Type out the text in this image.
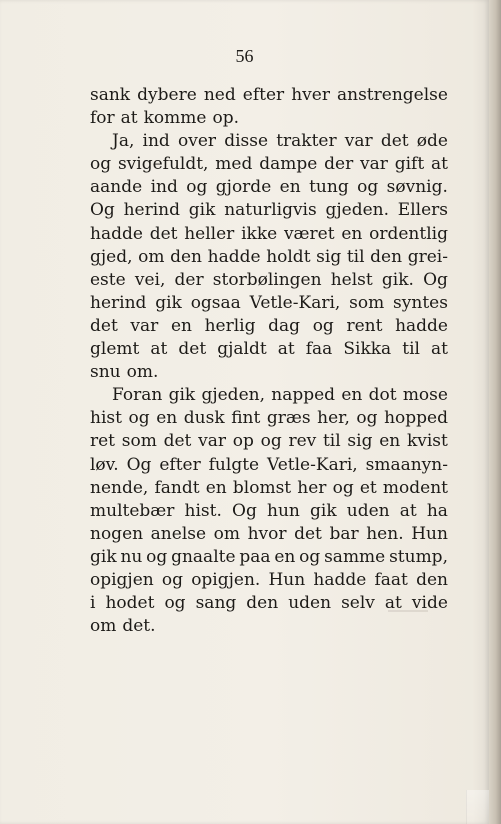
56
sank dybere ned efter hver anstrengelse
for at komme op.
Ja, ind over disse trakter var det øde
og svigefuldt, med dampe der var gift at
aande ind og gjorde en tung og søvnig.
Og herind gik naturligvis gjeden. Ellers
hadde det heller ikke været en ordentlig
gjed, om den hadde holdt sig til den grei-
este vei, der storbølingen helst gik. Og
herind gik ogsaa Vetle-Kari, som syntes
det var en herlig dag og rent hadde
glemt at det gjaldt at faa Sikka til at
snu om.
Foran gik gjeden, napped en dot mose
hist og en dusk fint græs her, og hopped
ret som det var op og rev til sig en kvist
løv. Og efter fulgte Vetle-Kari, smaanyn-
nende, fandt en blomst her og et modent
multebær hist. Og hun gik uden at ha
nogen anelse om hvor det bar hen. Hun
gik nu og gnaalte paa en og samme stump,
opigjen og opigjen. Hun hadde faat den
i hodet og sang den uden selv at vide
om det.
